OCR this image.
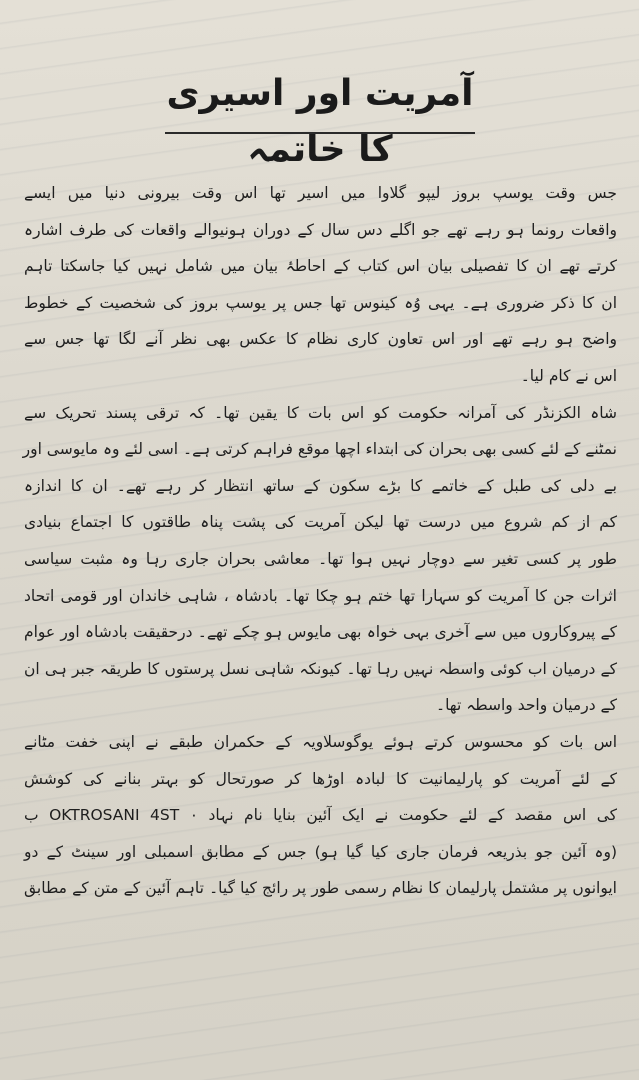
آمریت اور اسیری کا خاتمہ
جس وقت یوسپ بروز لیپو گلاوا میں اسیر تھا اس وقت بیرونی دنیا میں ایسے
واقعات رونما ہو رہے تھے جو اگلے دس سال کے دوران ہونیوالے واقعات کی طرف اشارہ
کرتے تھے ان کا تفصیلی بیان اس کتاب کے احاطۂ بیان میں شامل نہیں کیا جاسکتا تاہم
ان کا ذکر ضروری ہے۔ یہی وُہ کینوس تھا جس پر یوسپ بروز کی شخصیت کے خطوط
واضح ہو رہے تھے اور اس تعاون کاری نظام کا عکس بھی نظر آنے لگا تھا جس سے
اس نے کام لیا۔
شاہ الکزنڈر کی آمرانہ حکومت کو اس بات کا یقین تھا۔ کہ ترقی پسند تحریک سے
نمٹنے کے لئے کسی بھی بحران کی ابتداء اچھا موقع فراہم کرتی ہے۔ اسی لئے وہ مایوسی اور
بے دلی کی طبل کے خاتمے کا بڑے سکون کے ساتھ انتظار کر رہے تھے۔ ان کا اندازہ
کم از کم شروع میں درست تھا لیکن آمریت کی پشت پناہ طاقتوں کا اجتماع بنیادی
طور پر کسی تغیر سے دوچار نہیں ہوا تھا۔ معاشی بحران جاری رہا وہ مثبت سیاسی
اثرات جن کا آمریت کو سہارا تھا ختم ہو چکا تھا۔ بادشاہ ، شاہی خاندان اور قومی اتحاد
کے پیروکاروں میں سے آخری بہی خواہ بھی مایوس ہو چکے تھے۔ درحقیقت بادشاہ اور عوام
کے درمیان اب کوئی واسطہ نہیں رہا تھا۔ کیونکہ شاہی نسل پرستوں کا طریقہ جبر ہی ان
کے درمیان واحد واسطہ تھا۔
اس بات کو محسوس کرتے ہوئے یوگوسلاویہ کے حکمران طبقے نے اپنی خفت مٹانے
کے لئے آمریت کو پارلیمانیت کا لبادہ اوڑھا کر صورتحال کو بہتر بنانے کی کوشش
کی اس مقصد کے لئے حکومت نے ایک آئین بنایا نام نہاد OKTROSANI 4ST ۰ ب
(وہ آئین جو بذریعہ فرمان جاری کیا گیا ہو) جس کے مطابق اسمبلی اور سینٹ کے دو
ایوانوں پر مشتمل پارلیمان کا نظام رسمی طور پر رائج کیا گیا۔ تاہم آئین کے متن کے مطابق
